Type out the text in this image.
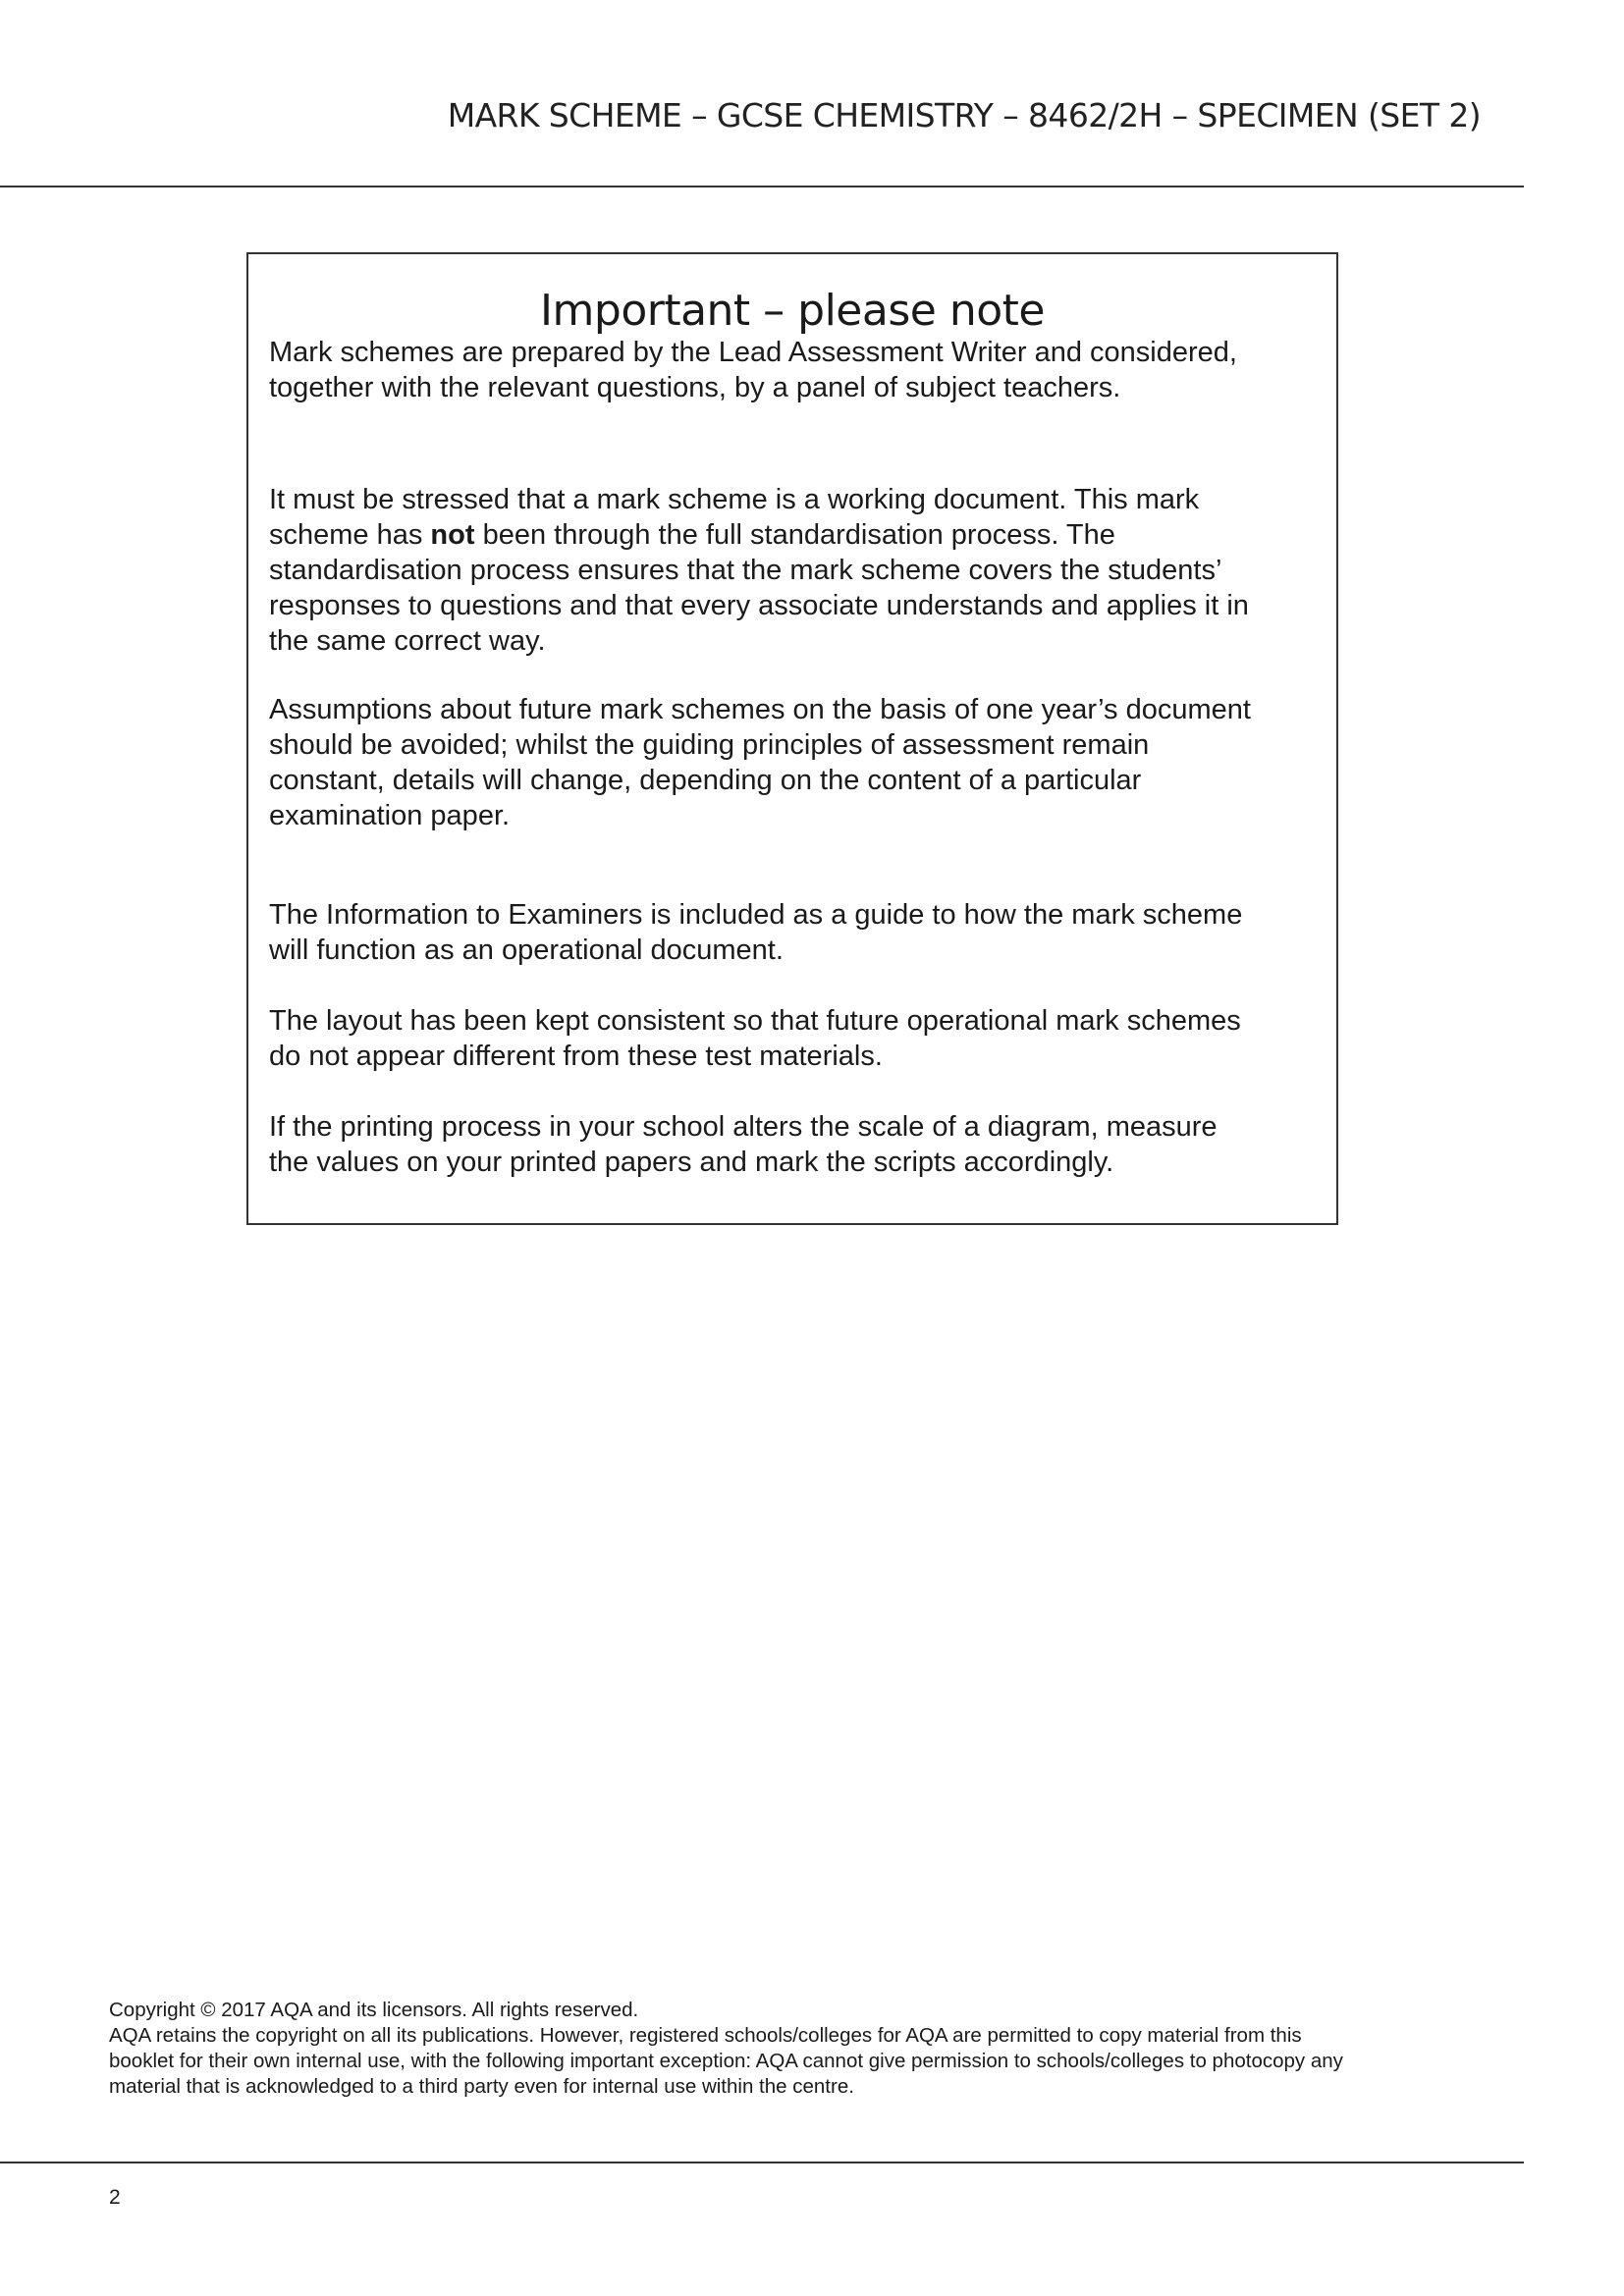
MARK SCHEME – GCSE CHEMISTRY – 8462/2H – SPECIMEN (SET 2)
Important – please note

Mark schemes are prepared by the Lead Assessment Writer and considered,
together with the relevant questions, by a panel of subject teachers.

It must be stressed that a mark scheme is a working document. This mark
scheme has not been through the full standardisation process. The
standardisation process ensures that the mark scheme covers the students’
responses to questions and that every associate understands and applies it in
the same correct way.

Assumptions about future mark schemes on the basis of one year’s document
should be avoided; whilst the guiding principles of assessment remain
constant, details will change, depending on the content of a particular
examination paper.

The Information to Examiners is included as a guide to how the mark scheme
will function as an operational document.

The layout has been kept consistent so that future operational mark schemes
do not appear different from these test materials.

If the printing process in your school alters the scale of a diagram, measure
the values on your printed papers and mark the scripts accordingly.

Copyright © 2017 AQA and its licensors. All rights reserved.
AQA retains the copyright on all its publications. However, registered schools/colleges for AQA are permitted to copy material from this
booklet for their own internal use, with the following important exception: AQA cannot give permission to schools/colleges to photocopy any
material that is acknowledged to a third party even for internal use within the centre.
2
